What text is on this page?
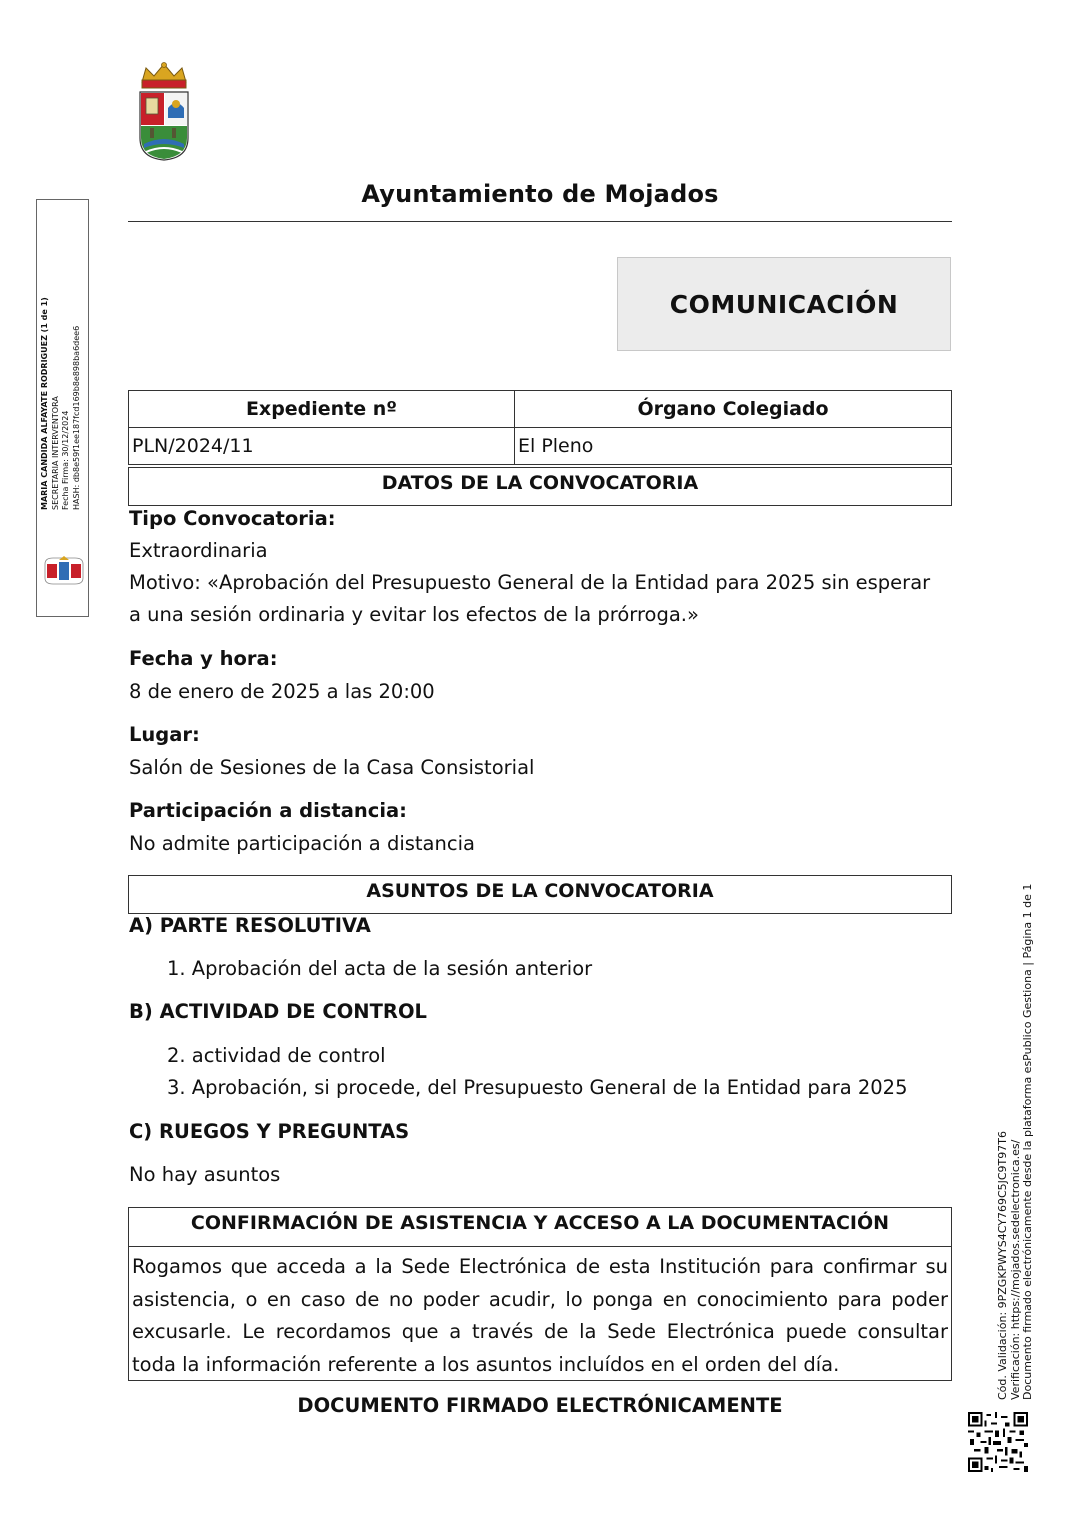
Ayuntamiento de Mojados
COMUNICACIÓN
Expediente nº	Órgano Colegiado
PLN/2024/11	El Pleno
DATOS DE LA CONVOCATORIA
Tipo Convocatoria:
Extraordinaria
Motivo: «Aprobación del Presupuesto General de la Entidad para 2025 sin esperar
a una sesión ordinaria y evitar los efectos de la prórroga.»
Fecha y hora:
8 de enero de 2025 a las 20:00
Lugar:
Salón de Sesiones de la Casa Consistorial
Participación a distancia:
No admite participación a distancia
ASUNTOS DE LA CONVOCATORIA
A) PARTE RESOLUTIVA
1. Aprobación del acta de la sesión anterior
B) ACTIVIDAD DE CONTROL
2. actividad de control
3. Aprobación, si procede, del Presupuesto General de la Entidad para 2025
C) RUEGOS Y PREGUNTAS
No hay asuntos
CONFIRMACIÓN DE ASISTENCIA Y ACCESO A LA DOCUMENTACIÓN
Rogamos que acceda a la Sede Electrónica de esta Institución para confirmar su asistencia, o en caso de no poder acudir, lo ponga en conocimiento para poder excusarle. Le recordamos que a través de la Sede Electrónica puede consultar toda la información referente a los asuntos incluídos en el orden del día.
DOCUMENTO FIRMADO ELECTRÓNICAMENTE
MARIA CANDIDA ALFAYATE RODRIGUEZ (1 de 1) SECRETARIA INTERVENTORA Fecha Firma: 30/12/2024 HASH: db8e59f1ee187fcd169b8e898ba6dee6
Cód. Validación: 9PZGKPWYS4CY769C5JC9T97T6 Verificación: https://mojados.sedelectronica.es/ Documento firmado electrónicamente desde la plataforma esPublico Gestiona | Página 1 de 1
